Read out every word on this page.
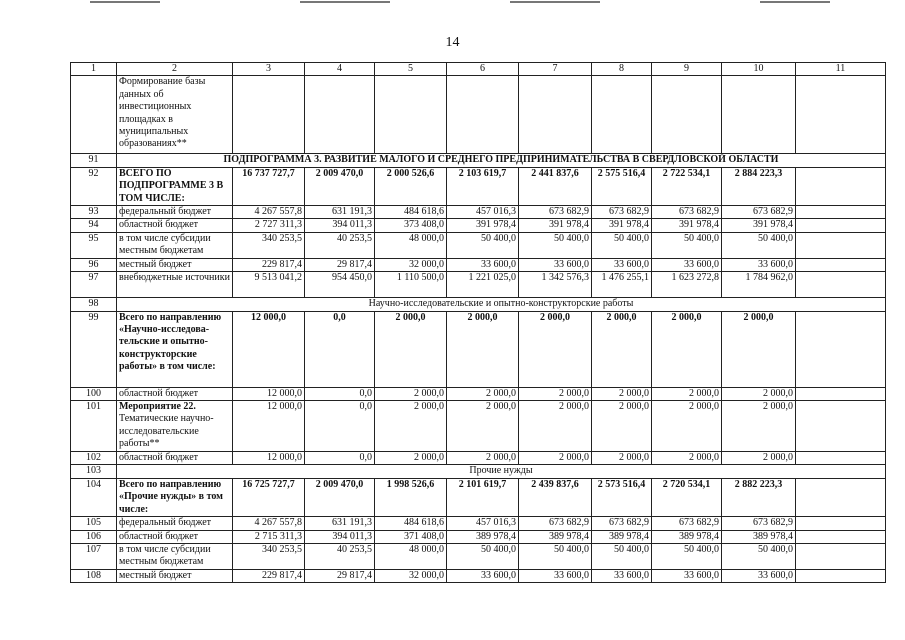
14
1	2	3	4	5	6	7	8	9	10	11
	Формирование базы данных об инвестиционных площадках в муниципальных образованиях**									
91	ПОДПРОГРАММА 3. РАЗВИТИЕ МАЛОГО И СРЕДНЕГО ПРЕДПРИНИМАТЕЛЬСТВА В СВЕРДЛОВСКОЙ ОБЛАСТИ									
92	ВСЕГО ПО ПОДПРОГРАММЕ 3 В ТОМ ЧИСЛЕ:	16 737 727,7	2 009 470,0	2 000 526,6	2 103 619,7	2 441 837,6	2 575 516,4	2 722 534,1	2 884 223,3	
93	федеральный бюджет	4 267 557,8	631 191,3	484 618,6	457 016,3	673 682,9	673 682,9	673 682,9	673 682,9	
94	областной бюджет	2 727 311,3	394 011,3	373 408,0	391 978,4	391 978,4	391 978,4	391 978,4	391 978,4	
95	в том числе субсидии местным бюджетам	340 253,5	40 253,5	48 000,0	50 400,0	50 400,0	50 400,0	50 400,0	50 400,0	
96	местный бюджет	229 817,4	29 817,4	32 000,0	33 600,0	33 600,0	33 600,0	33 600,0	33 600,0	
97	внебюджетные источники	9 513 041,2	954 450,0	1 110 500,0	1 221 025,0	1 342 576,3	1 476 255,1	1 623 272,8	1 784 962,0	
98	Научно-исследовательские и опытно-конструкторские работы									
99	Всего по направлению «Научно-исследова-тельские и опытно-конструкторские работы» в том числе:	12 000,0	0,0	2 000,0	2 000,0	2 000,0	2 000,0	2 000,0	2 000,0	
100	областной бюджет	12 000,0	0,0	2 000,0	2 000,0	2 000,0	2 000,0	2 000,0	2 000,0	
101	Мероприятие 22. Тематические научно-исследовательские работы**	12 000,0	0,0	2 000,0	2 000,0	2 000,0	2 000,0	2 000,0	2 000,0	
102	областной бюджет	12 000,0	0,0	2 000,0	2 000,0	2 000,0	2 000,0	2 000,0	2 000,0	
103	Прочие нужды									
104	Всего по направлению «Прочие нужды» в том числе:	16 725 727,7	2 009 470,0	1 998 526,6	2 101 619,7	2 439 837,6	2 573 516,4	2 720 534,1	2 882 223,3	
105	федеральный бюджет	4 267 557,8	631 191,3	484 618,6	457 016,3	673 682,9	673 682,9	673 682,9	673 682,9	
106	областной бюджет	2 715 311,3	394 011,3	371 408,0	389 978,4	389 978,4	389 978,4	389 978,4	389 978,4	
107	в том числе субсидии местным бюджетам	340 253,5	40 253,5	48 000,0	50 400,0	50 400,0	50 400,0	50 400,0	50 400,0	
108	местный бюджет	229 817,4	29 817,4	32 000,0	33 600,0	33 600,0	33 600,0	33 600,0	33 600,0	
